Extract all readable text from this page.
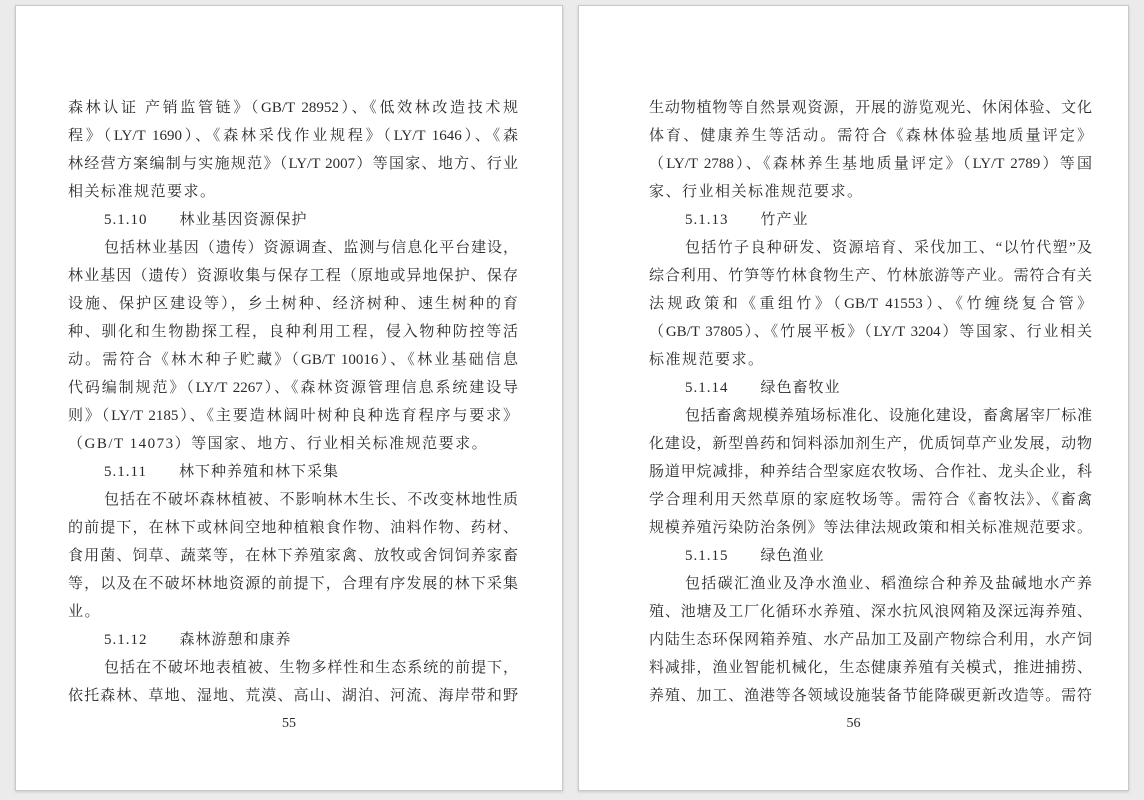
森林认证 产销监管链》（GB/T 28952）、《低效林改造技术规
程》（LY/T 1690）、《森林采伐作业规程》（LY/T 1646）、《森
林经营方案编制与实施规范》（LY/T 2007）等国家、地方、行业
相关标准规范要求。
5.1.10　　林业基因资源保护
包括林业基因（遗传）资源调查、监测与信息化平台建设，
林业基因（遗传）资源收集与保存工程（原地或异地保护、保存
设施、保护区建设等），乡土树种、经济树种、速生树种的育
种、驯化和生物勘探工程，良种利用工程，侵入物种防控等活
动。需符合《林木种子贮藏》（GB/T 10016）、《林业基础信息
代码编制规范》（LY/T 2267）、《森林资源管理信息系统建设导
则》（LY/T 2185）、《主要造林阔叶树种良种选育程序与要求》
（GB/T 14073）等国家、地方、行业相关标准规范要求。
5.1.11　　林下种养殖和林下采集
包括在不破坏森林植被、不影响林木生长、不改变林地性质
的前提下，在林下或林间空地种植粮食作物、油料作物、药材、
食用菌、饲草、蔬菜等，在林下养殖家禽、放牧或舍饲饲养家畜
等，以及在不破坏林地资源的前提下，合理有序发展的林下采集
业。
5.1.12　　森林游憩和康养
包括在不破坏地表植被、生物多样性和生态系统的前提下，
依托森林、草地、湿地、荒漠、高山、湖泊、河流、海岸带和野
55
生动物植物等自然景观资源，开展的游览观光、休闲体验、文化
体育、健康养生等活动。需符合《森林体验基地质量评定》
（LY/T 2788）、《森林养生基地质量评定》（LY/T 2789）等国
家、行业相关标准规范要求。
5.1.13　　竹产业
包括竹子良种研发、资源培育、采伐加工、“以竹代塑”及
综合利用、竹笋等竹林食物生产、竹林旅游等产业。需符合有关
法规政策和《重组竹》（GB/T 41553）、《竹缠绕复合管》
（GB/T 37805）、《竹展平板》（LY/T 3204）等国家、行业相关
标准规范要求。
5.1.14　　绿色畜牧业
包括畜禽规模养殖场标准化、设施化建设，畜禽屠宰厂标准
化建设，新型兽药和饲料添加剂生产，优质饲草产业发展，动物
肠道甲烷减排，种养结合型家庭农牧场、合作社、龙头企业，科
学合理利用天然草原的家庭牧场等。需符合《畜牧法》、《畜禽
规模养殖污染防治条例》等法律法规政策和相关标准规范要求。
5.1.15　　绿色渔业
包括碳汇渔业及净水渔业、稻渔综合种养及盐碱地水产养
殖、池塘及工厂化循环水养殖、深水抗风浪网箱及深远海养殖、
内陆生态环保网箱养殖、水产品加工及副产物综合利用，水产饲
料减排，渔业智能机械化，生态健康养殖有关模式，推进捕捞、
养殖、加工、渔港等各领域设施装备节能降碳更新改造等。需符
56
